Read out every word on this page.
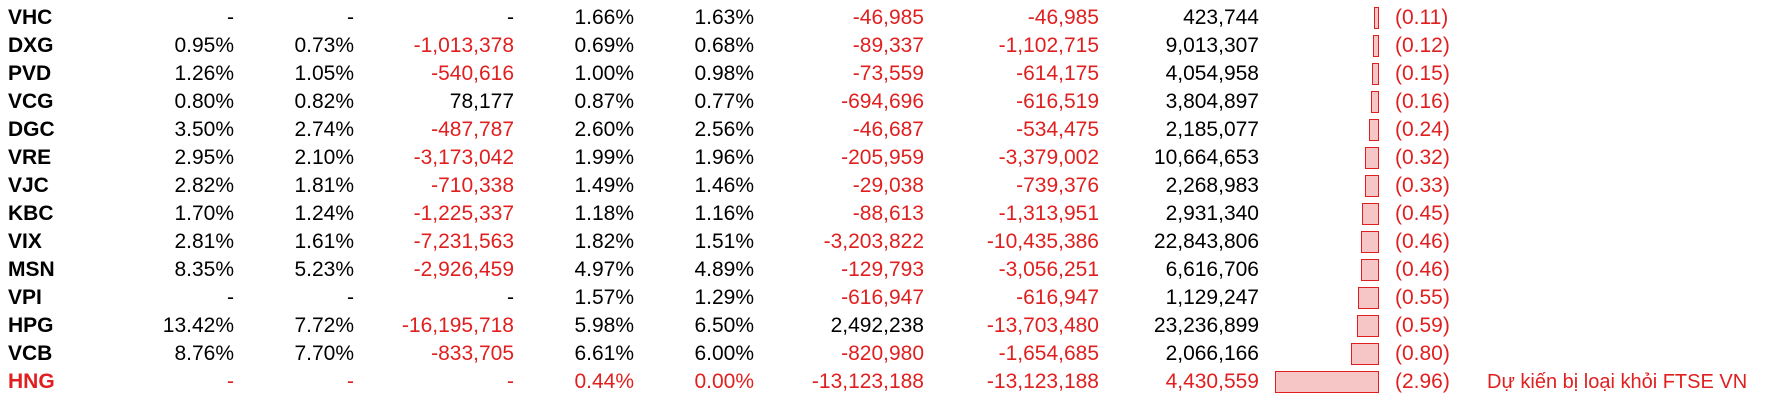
VHC	-	-	-	1.66%	1.63%	-46,985	-46,985	423,744		(0.11)	
DXG	0.95%	0.73%	-1,013,378	0.69%	0.68%	-89,337	-1,102,715	9,013,307		(0.12)	
PVD	1.26%	1.05%	-540,616	1.00%	0.98%	-73,559	-614,175	4,054,958		(0.15)	
VCG	0.80%	0.82%	78,177	0.87%	0.77%	-694,696	-616,519	3,804,897		(0.16)	
DGC	3.50%	2.74%	-487,787	2.60%	2.56%	-46,687	-534,475	2,185,077		(0.24)	
VRE	2.95%	2.10%	-3,173,042	1.99%	1.96%	-205,959	-3,379,002	10,664,653		(0.32)	
VJC	2.82%	1.81%	-710,338	1.49%	1.46%	-29,038	-739,376	2,268,983		(0.33)	
KBC	1.70%	1.24%	-1,225,337	1.18%	1.16%	-88,613	-1,313,951	2,931,340		(0.45)	
VIX	2.81%	1.61%	-7,231,563	1.82%	1.51%	-3,203,822	-10,435,386	22,843,806		(0.46)	
MSN	8.35%	5.23%	-2,926,459	4.97%	4.89%	-129,793	-3,056,251	6,616,706		(0.46)	
VPI	-	-	-	1.57%	1.29%	-616,947	-616,947	1,129,247		(0.55)	
HPG	13.42%	7.72%	-16,195,718	5.98%	6.50%	2,492,238	-13,703,480	23,236,899		(0.59)	
VCB	8.76%	7.70%	-833,705	6.61%	6.00%	-820,980	-1,654,685	2,066,166		(0.80)	
HNG	-	-	-	0.44%	0.00%	-13,123,188	-13,123,188	4,430,559		(2.96)	Dự kiến bị loại khỏi FTSE VN
